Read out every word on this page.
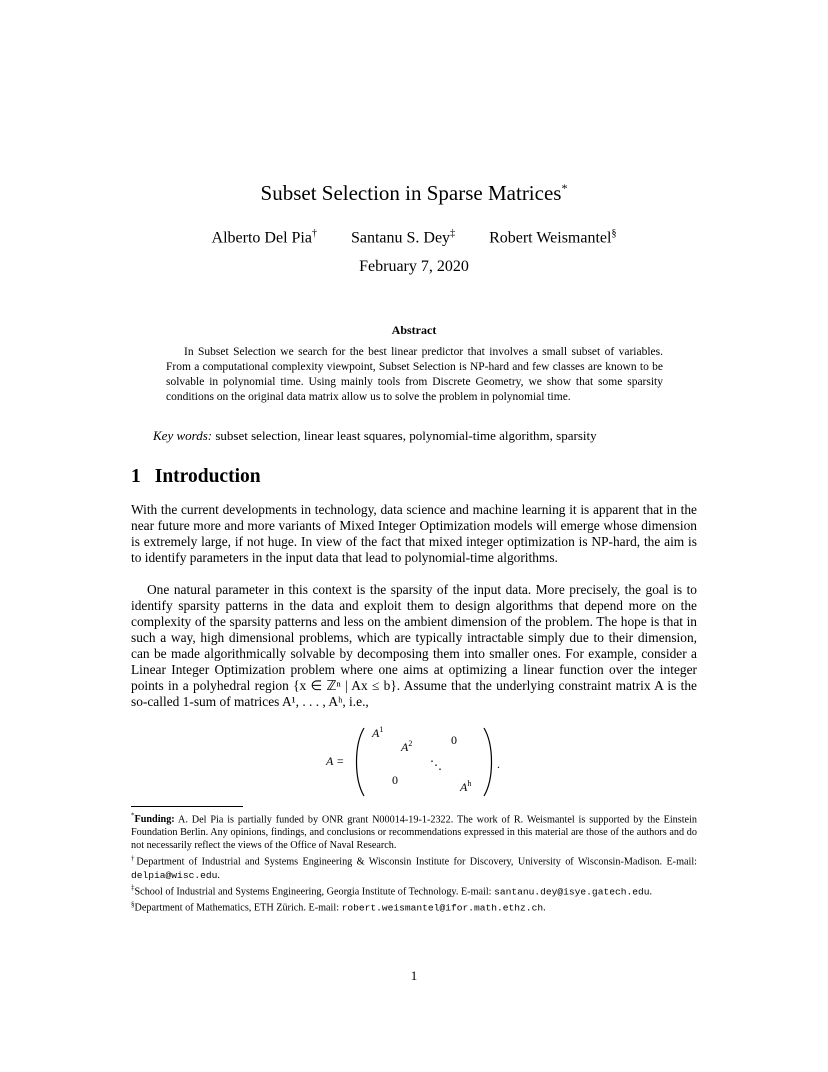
Subset Selection in Sparse Matrices*
Alberto Del Pia† Santanu S. Dey‡ Robert Weismantel§
February 7, 2020
Abstract
In Subset Selection we search for the best linear predictor that involves a small subset of variables. From a computational complexity viewpoint, Subset Selection is NP-hard and few classes are known to be solvable in polynomial time. Using mainly tools from Discrete Geometry, we show that some sparsity conditions on the original data matrix allow us to solve the problem in polynomial time.
Key words: subset selection, linear least squares, polynomial-time algorithm, sparsity
1 Introduction
With the current developments in technology, data science and machine learning it is apparent that in the near future more and more variants of Mixed Integer Optimization models will emerge whose dimension is extremely large, if not huge. In view of the fact that mixed integer optimization is NP-hard, the aim is to identify parameters in the input data that lead to polynomial-time algorithms.
One natural parameter in this context is the sparsity of the input data. More precisely, the goal is to identify sparsity patterns in the data and exploit them to design algorithms that depend more on the complexity of the sparsity patterns and less on the ambient dimension of the problem. The hope is that in such a way, high dimensional problems, which are typically intractable simply due to their dimension, can be made algorithmically solvable by decomposing them into smaller ones. For example, consider a Linear Integer Optimization problem where one aims at optimizing a linear function over the integer points in a polyhedral region {x ∈ ℤⁿ | Ax ≤ b}. Assume that the underlying constraint matrix A is the so-called 1-sum of matrices A¹, . . . , Aʰ, i.e.,
A =
$A^1$
$A^2$	0
0
⋱
$A^h$
.

*Funding: A. Del Pia is partially funded by ONR grant N00014-19-1-2322. The work of R. Weismantel is supported by the Einstein Foundation Berlin. Any opinions, findings, and conclusions or recommendations expressed in this material are those of the authors and do not necessarily reflect the views of the Office of Naval Research.

†Department of Industrial and Systems Engineering & Wisconsin Institute for Discovery, University of Wisconsin-Madison. E-mail: delpia@wisc.edu.

‡School of Industrial and Systems Engineering, Georgia Institute of Technology. E-mail: santanu.dey@isye.gatech.edu.

§Department of Mathematics, ETH Zürich. E-mail: robert.weismantel@ifor.math.ethz.ch.

1
